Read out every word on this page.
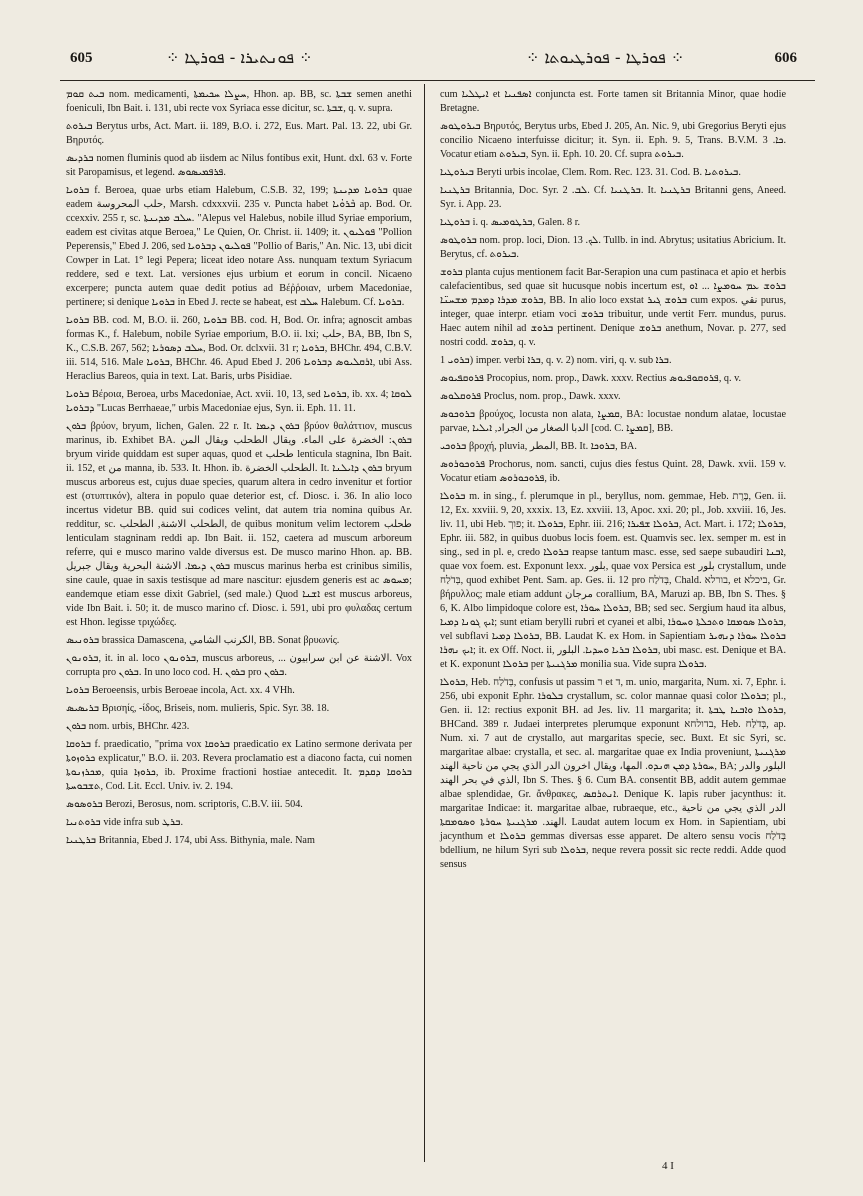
605	⁘ ܦܘܢܬܝܪܐ - ܦܘܪܛܐ ⁘	⁘ ܦܘܪܛܐ - ܦܘܪܛܝܘܬܐ ⁘	606

ܒܝܬ ܩܘܡ nom. medicamenti, ܚܨܠܐ ܚܟܝܡܬܐ, Hhon. ap. BB, sc. ܫܒܬܐ semen anethi foeniculi, Ibn Bait. i. 131, ubi recte vox Syriaca esse dicitur, sc. ܫܒܬܐ, q. v. supra.

ܒܝܪܘܬ Berytus urbs, Act. Mart. ii. 189, B.O. i. 272, Eus. Mart. Pal. 13. 22, ubi Gr. Βηρυτός.

ܒܪܕܝܣ nomen fluminis quod ab iisdem ac Nilus fontibus exit, Hunt. dxl. 63 v. Forte sit Paropamisus, et legend. ܦܪܦܡܝܣܘܣ.

ܒܪܘܝܐ f. Beroea, quae urbs etiam Halebum, C.S.B. 32, 199; ܒܪܘܝܐ ܡܕܝܢܬܐ quae eadem حلب المحروسة, Marsh. cdxxxvii. 235 v. Puncta habet ܒܶܪܘܳܝܐ ap. Bod. Or. ccexxiv. 255 r, sc. ܚܠܒ ܡܕܝܢܬܐ. "Alepus vel Halebus, nobile illud Syriae emporium, eadem est civitas atque Beroea," Le Quien, Or. Christ. ii. 1409; it. ܦܘܠܝܘܢ "Pollion Peperensis," Ebed J. 206, sed ܦܘܠܝܘܢ ܕܒܪܘܝܐ "Pollio of Baris," An. Nic. 13, ubi dicit Cowper in Lat. 1° legi Pepera; liceat ideo notare Ass. nunquam textum Syriacum reddere, sed e text. Lat. versiones ejus urbium et eorum in concil. Nicaeno excerpere; puncta autem quae dedit potius ad Βέῤῥοιαν, urbem Macedoniae, pertinere; si denique ܒܪܘܝܐ in Ebed J. recte se habeat, est ܚܠܒ Halebum. Cf. ܒܪܘܝܐ.

ܒܪܘܝܐ BB. cod. M, B.O. ii. 260, ܒܪܘܝܐ BB. cod. H, Bod. Or. infra; agnoscit ambas formas K., f. Halebum, nobile Syriae emporium, B.O. ii. lxi; حلب, BA, BB, Ibn S, K., C.S.B. 267, 562; ܚܠܒ ܕܣܘܪܝܐ, Bod. Or. dclxvii. 31 r; ܒܪܘܝܐ, BHChr. 494, C.B.V. iii. 514, 516. Male ܒܪܘܝܐ, BHChr. 46. Apud Ebed J. 206 ܐܪܩܠܝܘܣ ܕܒܪܘܝܐ, ubi Ass. Heraclius Bareos, quia in text. Lat. Baris, urbs Pisidiae.

ܒܪܘܝܐ Βέροια, Beroea, urbs Macedoniae, Act. xvii. 10, 13, sed ܒܪܘܝܐ, ib. xx. 4; ܠܘܩܐ ܕܒܪܘܝܐ "Lucas Berrhaeae," urbis Macedoniae ejus, Syn. ii. Eph. 11. 11.

ܒܪܘܢ βρύον, bryum, lichen, Galen. 22 r. It. ܒܪܘܢ ܕܝܡܐ βρύον θαλάττιον, muscus marinus, ib. Exhibet BA. ܒܪܘܢ: الخضرة على الماء. ويقال الطحلب ويقال المن bryum viride quiddam est super aquas, quod et طحلب lenticula stagnina, Ibn Bait. ii. 152, et من manna, ib. 533. It. Hhon. ib. الطحلب الخضرة. It. ܒܪܘܢ ܕܐܝܠܢܐ bryum muscus arboreus est, cujus duae species, quarum altera in cedro invenitur et fortior est (στυπτικόν), altera in populo quae deterior est, cf. Diosc. i. 36. In alio loco incertus videtur BB. quid sui codices velint, dat autem tria nomina quibus Ar. redditur, sc. الطحلب الاشنة, الطحلب, de quibus monitum velim lectorem طحلب lenticulam stagninam reddi ap. Ibn Bait. ii. 152, caetera ad muscum arboreum referre, qui e musco marino valde diversus est. De musco marino Hhon. ap. BB. ܒܪܘܢ ܕܝܡܐ. الاشنة البحرية ويقال جبريل muscus marinus herba est crinibus similis, sine caule, quae in saxis testisque ad mare nascitur: ejusdem generis est ac ܡܚܘܣ; eandemque etiam esse dixit Gabriel, (sed male.) Quod ܐܫܢܐ est muscus arboreus, vide Ibn Bait. i. 50; it. de musco marino cf. Diosc. i. 591, ubi pro φυλαδας certum est Hhon. legisse τριχώδες.

ܒܪܘܢܝܣ brassica Damascena, الكرنب الشامي, BB. Sonat βρυωνίς.

ܒܪܘܢܘܢ, it. in al. loco ܒܪܘܢܘܢ, muscus arboreus, ... الاشنة عن ابن سرابيون. Vox corrupta pro ܒܪܘܢ. In uno loco cod. H. ܒܪܘܢ pro ܒܪܘܢ.

ܒܪܘܝܐ Beroeensis, urbis Beroeae incola, Act. xx. 4 VHh.

ܒܪܝܣܝܣ Βρισηίς, -ίδος, Briseis, nom. mulieris, Spic. Syr. 38. 18.

ܒܪܘܢ nom. urbis, BHChr. 423.

ܒܪܘܩܐ f. praedicatio, "prima vox ܒܪܘܩܐ praedicatio ex Latino sermone derivata per ܟܪܘܙܘܬܐ explicatur," B.O. ii. 203. Revera proclamatio est a diacono facta, cui nomen ܡܟܪܙܢܘܬܐ, quia ܟܪܘܙܐ, ib. Proxime fractioni hostiae antecedit. It. ܒܪܘܩܐ ܕܩܕܡ ܬܫܒܘܚܬܐ, Cod. Lit. Eccl. Univ. iv. 2. 194.

ܒܪܘܣܘܣ Berozi, Berosus, nom. scriptoris, C.B.V. iii. 504.

ܒܪܘܬܢܝܐ vide infra sub ܒܪܛ.

ܒܪܛܢܝܐ Britannia, Ebed J. 174, ubi Ass. Bithynia, male. Nam

cum ܐܝܛܠܝܐ et ܐܣܦܢܝܐ conjuncta est. Forte tamen sit Britannia Minor, quae hodie Bretagne.

ܒܝܪܘܛܘܣ Βηρυτός, Berytus urbs, Ebed J. 205, An. Nic. 9, ubi Gregorius Beryti ejus concilio Nicaeno interfuisse dicitur; it. Syn. ii. Eph. 9. 5, Trans. B.V.M. ܟܐ. 3. Vocatur etiam ܒܝܪܘܬ, Syn. ii. Eph. 10. 20. Cf. supra ܒܝܪܘܬ.

ܒܝܪܘܛܝܐ Beryti urbis incolae, Clem. Rom. Rec. 123. 31. Cod. B. ܒܝܪܘܬܝܐ.

ܒܪܛܢܝܐ Britannia, Doc. Syr. ܠܒ. 2. Cf. ܒܪܛܢܝܐ. It. ܒܪܛܢܝܐ Britanni gens, Aneed. Syr. i. App. 23.

ܒܪܘܛܝܐ i. q. ܒܪܛܘܡܝܣ, Galen. 8 r.

ܒܪܘܛܘܣ nom. prop. loci, Dion. ܠܟ. 13. Tullb. in ind. Abrytus; usitatius Abricium. It. Berytus, cf. ܒܝܪܘܬ.

ܒܪܘܫ planta cujus mentionem facit Bar-Serapion una cum pastinaca et apio et herbis calefacientibus, sed quae sit hucusque nobis incertum est, ܒܪܘܫ ܥܡ ܚܘܡܨܐ ... ܐܘ ܒܪܘܫ ܡܕܪܐ ܕܡܕܡ ܡܫܚܢ̈ܐ, BB. In alio loco exstat ܒܪܘܫ ܓܝܪ cum expos. نقي purus, integer, quae interpr. etiam voci ܒܪܘܫ tribuitur, unde vertit Ferr. mundus, purus. Haec autem nihil ad ܒܪܘܫ pertinent. Denique ܒܪܘܫ anethum, Novar. p. 277, sed nostri codd. ܒܪܘܫ, q. v.

ܒܪܘܝ 1) imper. verbi ܒܪܐ, q. v. 2) nom. viri, q. v. sub ܒܪܐ.

ܦܪܘܩܦܝܘܣ Procopius, nom. prop., Dawk. xxxv. Rectius ܦܪܘܩܘܦܝܘܣ, q. v.

ܦܪܘܩܠܘܣ Proclus, nom. prop., Dawk. xxxv.

ܒܪܘܟܘܣ βρούχος, locusta non alata, ܩܡܨܐ, BA: locustae nondum alatae, locustae parvae, الدبا الصغار من الجراد, ܐܝܠܝܐ [cod. C. ܩܡܨܐ], BB.

ܒܪܘܟܝ βροχή, pluvia, المطر, BB. It. ܒܪܘܟܐ, BA.

ܦܪܘܟܘܪܘܣ Prochorus, nom. sancti, cujus dies festus Quint. 28, Dawk. xvii. 159 v. Vocatur etiam ܦܪܘܟܘܪܘܣ, ib.

ܒܪܘܠܐ m. in sing., f. plerumque in pl., beryllus, nom. gemmae, Heb. בֶּרֶת, Gen. ii. 12, Ex. xxviii. 9, 20, xxxix. 13, Ez. xxviii. 13, Apoc. xxi. 20; pl., Job. xxviii. 16, Jes. liv. 11, ubi Heb. פוך; it. ܒܪܘܠܐ, Ephr. iii. 216; ܒܪܘܠܐ ܫܦܝܪܐ, Act. Mart. i. 172; ܒܪܘܠܐ, Ephr. iii. 582, in quibus duobus locis foem. est. Quamvis sec. lex. semper m. est in sing., sed in pl. e, credo ܒܪܘܠܐ reapse tantum masc. esse, sed saepe subaudiri ܐܒܢܐ, quae vox foem. est. Exponunt lexx. بلور, quae vox Persica est بلور crystallum, unde בְּדֹלַח, quod exhibet Pent. Sam. ap. Ges. ii. 12 pro בְּדֹלַח, Chald. בורלא, et ביכלא, Gr. βήρυλλος; male etiam addunt مرجان corallium, BA, Maruzi ap. BB, Ibn S. Thes. § 6, K. Albo limpidoque colore est, ܒܪܘܠܐ ܚܘܪܐ, BB; sed sec. Sergium haud ita albus, ܐܝܟ ܓܘܢܐ ܕܡܝܐ; sunt etiam berylli rubri et cyanei et albi, ܒܪܘܠܐ ܣܘܡܩܐ ܘܬܟܠܬܐ ܘܚܘܪܐ, vel subflavi ܒܪܘܠܐ ܕܡܝܐ, BB. Laudat K. ex Hom. in Sapientiam ܒܪܘܠܐ ܚܘܪܐ ܕܢܗܝܪ ܐܝܟ ܢܗܪܐ; it. ex Off. Noct. ii, ܒܪܘܠܐ ܒܪܝܐ ܘܚܕܝܐ. البلور, ubi masc. est. Denique et BA. et K. exponunt ܒܪܘܠܐ per ܡܪܓܢܝܬܐ monilia sua. Vide supra ܒܪܘܠܐ.

ܒܪܘܠܐ, Heb. בְּדֹלַח, confusis ut passim ר et ד, m. unio, margarita, Num. xi. 7, Ephr. i. 256, ubi exponit Ephr. ܒܠܘܪܐ crystallum, sc. color mannae quasi color ܒܪܘܠܐ; pl., Gen. ii. 12: rectius exponit BH. ad Jes. liv. 11 margarita; it. ܒܪܘܠܐ ܘܐܒܢܐ ܛܒܬܐ, BHCand. 389 r. Judaei interpretes plerumque exponunt בדולחא, Heb. בְּדֹלַח, ap. Num. xi. 7 aut de crystallo, aut margaritas specie, sec. Buxt. Et sic Syri, sc. margaritae albae: crystalla, et sec. al. margaritae quae ex India proveniunt, ܡܪܓܢܝܬܐ ܚܘܪܬܐ ܕܡܢ ܗܢܕܘ. المها، ويقال اخرون الدر الذي يجي من ناحية الهند, BA; البلور والدر الذي في بحر الهند, Ibn S. Thes. § 6. Cum BA. consentit BB, addit autem gemmae albae splendidae, Gr. ἄνθρακες, ܐܢܬܪܩܣ. Denique K. lapis ruber jacynthus: it. margaritae Indicae: it. margaritae albae, rubraeque, etc., الدر الذي يجي من ناحية الهند. ܡܪܓܢܝܬܐ ܚܘܪܬܐ ܘܣܘܡܩܬܐ. Laudat autem locum ex Hom. in Sapientiam, ubi jacynthum et ܒܪܘܠܐ gemmas diversas esse apparet. De altero sensu vocis בְּדֹלַח bdellium, ne hilum Syri sub ܒܪܘܠܐ, neque revera possit sic recte reddi. Adde quod sensus

4 I
